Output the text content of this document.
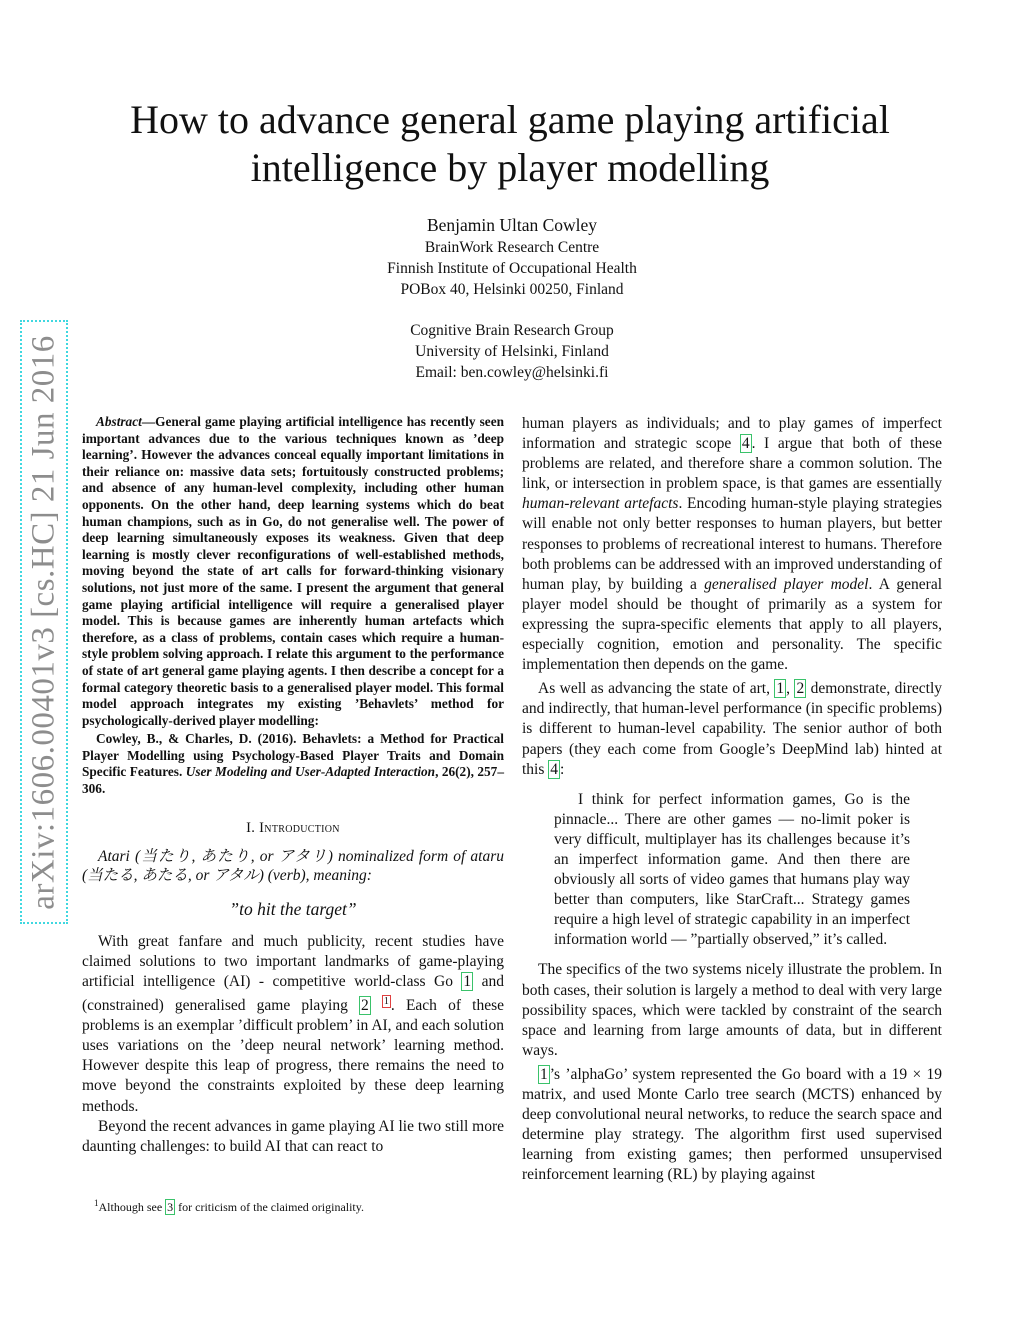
arXiv:1606.00401v3 [cs.HC] 21 Jun 2016
How to advance general game playing artificial
intelligence by player modelling
Benjamin Ultan Cowley
BrainWork Research Centre
Finnish Institute of Occupational Health
POBox 40, Helsinki 00250, Finland
Cognitive Brain Research Group
University of Helsinki, Finland
Email: ben.cowley@helsinki.fi

Abstract—General game playing artificial intelligence has recently seen important advances due to the various techniques known as ’deep learning’. However the advances conceal equally important limitations in their reliance on: massive data sets; fortuitously constructed problems; and absence of any human-level complexity, including other human opponents. On the other hand, deep learning systems which do beat human champions, such as in Go, do not generalise well. The power of deep learning simultaneously exposes its weakness. Given that deep learning is mostly clever reconfigurations of well-established methods, moving beyond the state of art calls for forward-thinking visionary solutions, not just more of the same. I present the argument that general game playing artificial intelligence will require a generalised player model. This is because games are inherently human artefacts which therefore, as a class of problems, contain cases which require a human-style problem solving approach. I relate this argument to the performance of state of art general game playing agents. I then describe a concept for a formal category theoretic basis to a generalised player model. This formal model approach integrates my existing ’Behavlets’ method for psychologically-derived player modelling:

Cowley, B., & Charles, D. (2016). Behavlets: a Method for Practical Player Modelling using Psychology-Based Player Traits and Domain Specific Features. User Modeling and User-Adapted Interaction, 26(2), 257–306.

I. Introduction

Atari (当たり, あたり, or アタリ) nominalized form of ataru (当たる, あたる, or アタル) (verb), meaning:

”to hit the target”

With great fanfare and much publicity, recent studies have claimed solutions to two important landmarks of game-playing artificial intelligence (AI) - competitive world-class Go 1 and (constrained) generalised game playing 2 $^1$ . Each of these problems is an exemplar ’difficult problem’ in AI, and each solution uses variations on the ’deep neural network’ learning method. However despite this leap of progress, there remains the need to move beyond the constraints exploited by these deep learning methods.

Beyond the recent advances in game playing AI lie two still more daunting challenges: to build AI that can react to

$^1$Although see 3 for criticism of the claimed originality.

human players as individuals; and to play games of imperfect information and strategic scope 4 . I argue that both of these problems are related, and therefore share a common solution. The link, or intersection in problem space, is that games are essentially human-relevant artefacts. Encoding human-style playing strategies will enable not only better responses to human players, but better responses to problems of recreational interest to humans. Therefore both problems can be addressed with an improved understanding of human play, by building a generalised player model. A general player model should be thought of primarily as a system for expressing the supra-specific elements that apply to all players, especially cognition, emotion and personality. The specific implementation then depends on the game.

As well as advancing the state of art, 1 , 2 demonstrate, directly and indirectly, that human-level performance (in specific problems) is different to human-level capability. The senior author of both papers (they each come from Google’s DeepMind lab) hinted at this 4 :

I think for perfect information games, Go is the pinnacle... There are other games — no-limit poker is very difficult, multiplayer has its challenges because it’s an imperfect information game. And then there are obviously all sorts of video games that humans play way better than computers, like StarCraft... Strategy games require a high level of strategic capability in an imperfect information world — ”partially observed,” it’s called.

The specifics of the two systems nicely illustrate the problem. In both cases, their solution is largely a method to deal with very large possibility spaces, which were tackled by constraint of the search space and learning from large amounts of data, but in different ways.

1 ’s ’alphaGo’ system represented the Go board with a 19 × 19 matrix, and used Monte Carlo tree search (MCTS) enhanced by deep convolutional neural networks, to reduce the search space and determine play strategy. The algorithm first used supervised learning from existing games; then performed unsupervised reinforcement learning (RL) by playing against
